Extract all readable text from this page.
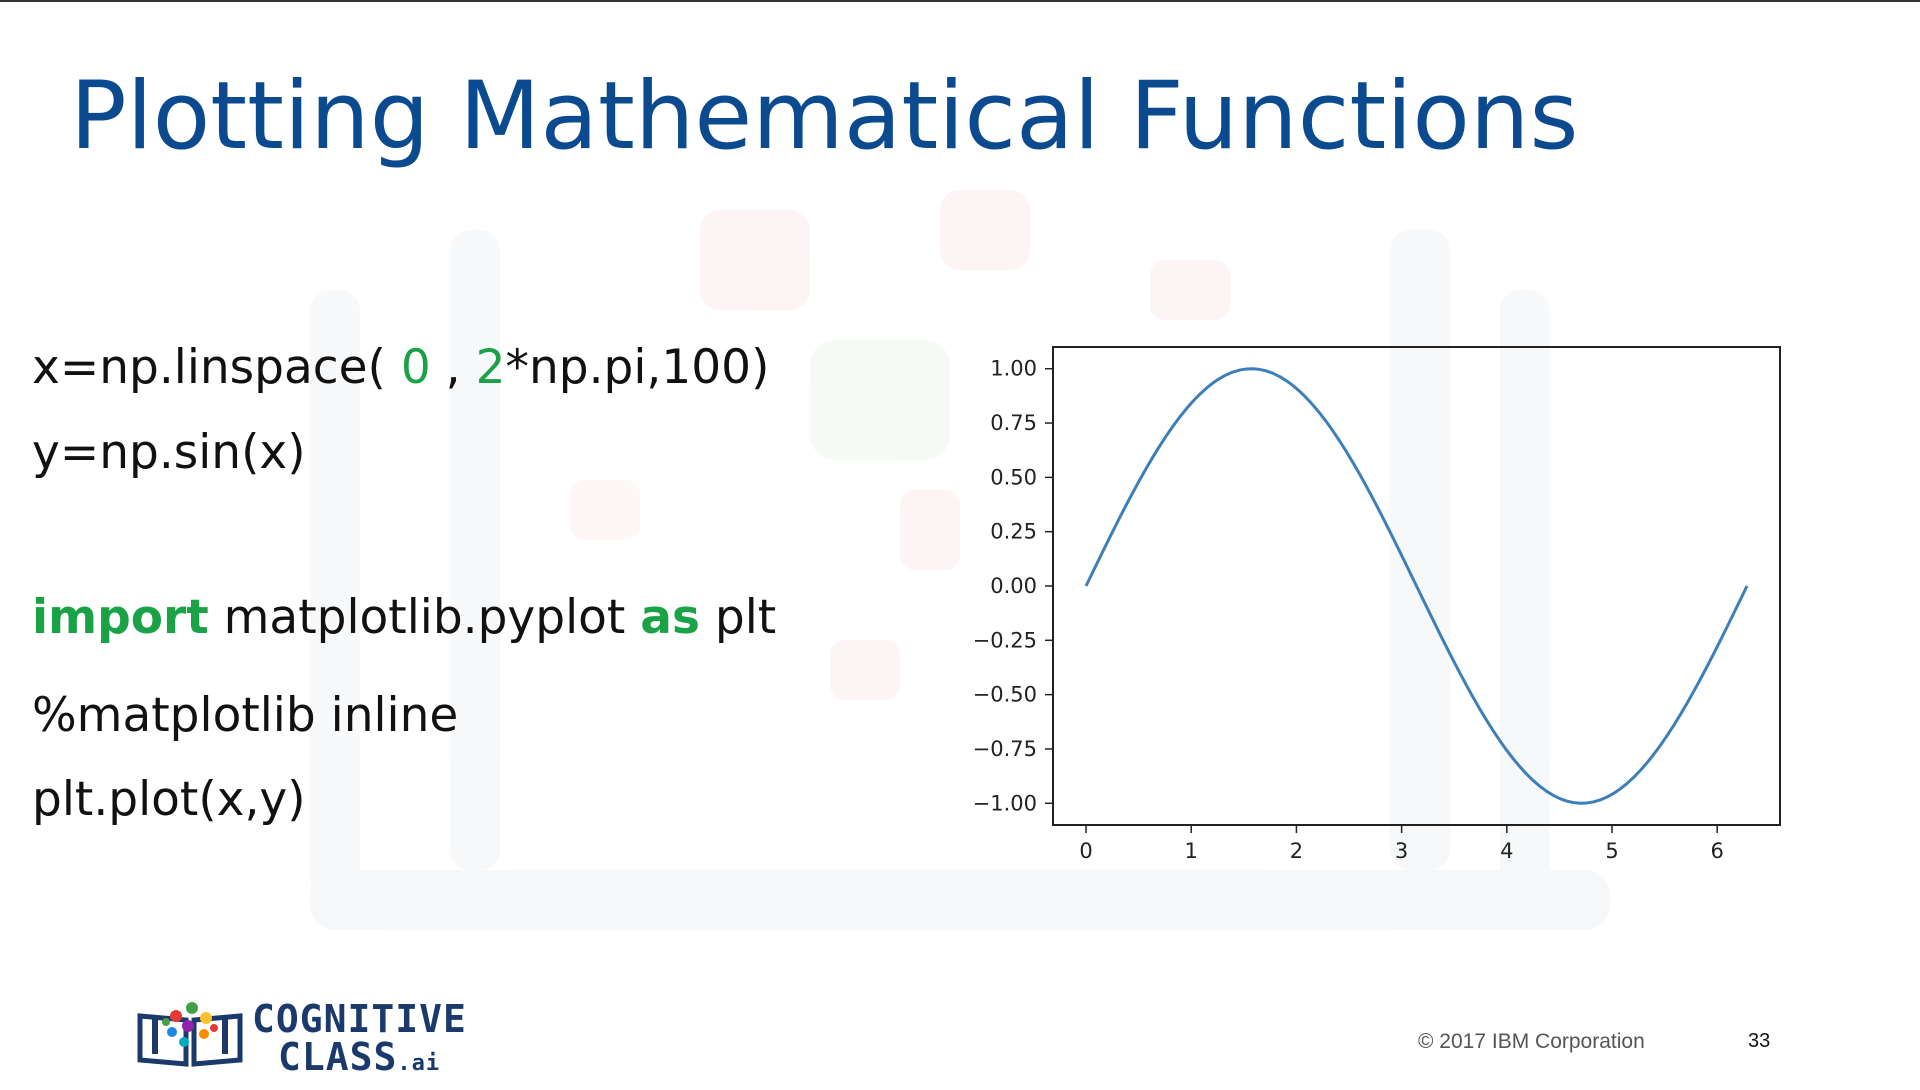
Plotting Mathematical Functions
x=np.linspace( 0 , 2*np.pi,100)
y=np.sin(x)
import matplotlib.pyplot as plt
%matplotlib inline
plt.plot(x,y)
1.00
0.75
0.50
0.25
0.00
−0.25
−0.50
−0.75
−1.00
0	1	2	3	4	5	6
COGNITIVE
CLASS.ai
© 2017 IBM Corporation	33
